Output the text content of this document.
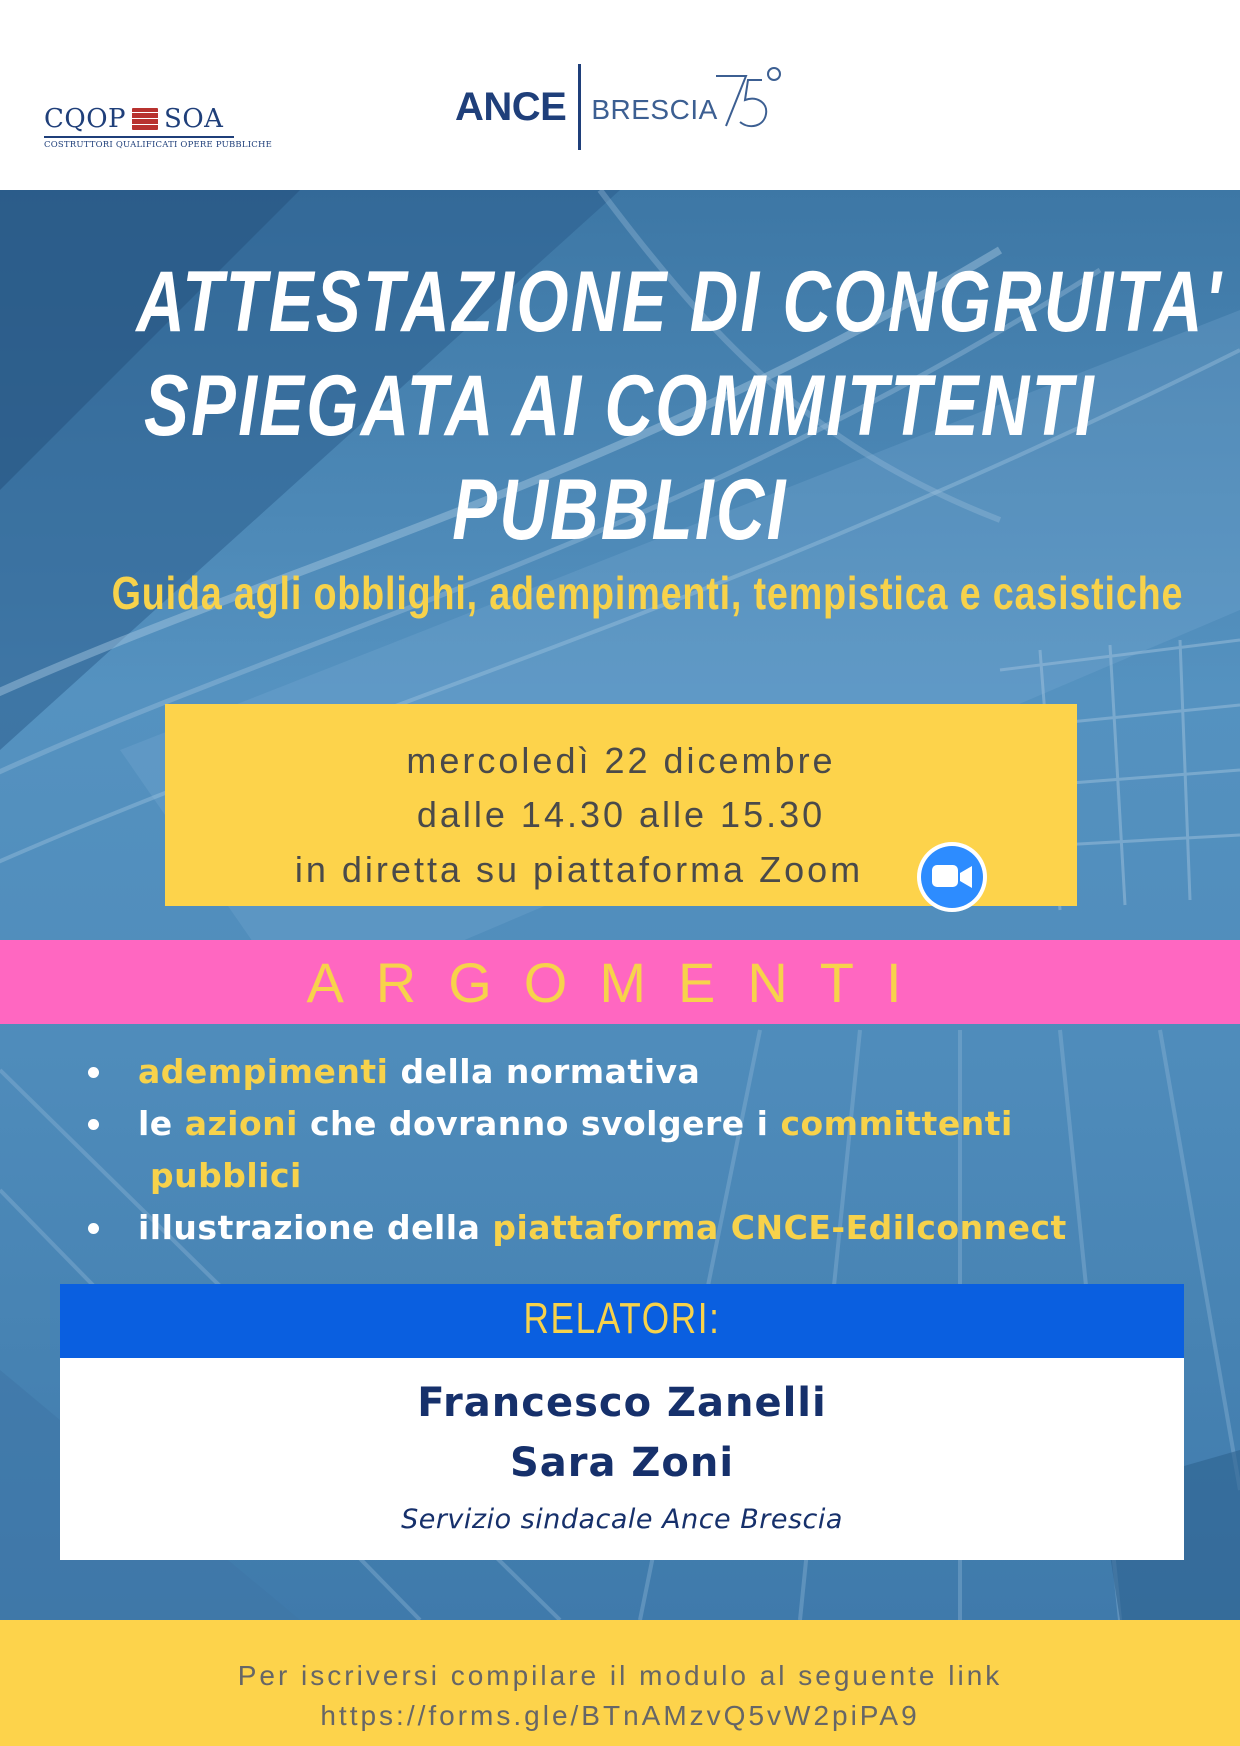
CQOP SOA
COSTRUTTORI QUALIFICATI OPERE PUBBLICHE
ANCE BRESCIA
ATTESTAZIONE DI CONGRUITA'
SPIEGATA AI COMMITTENTI
PUBBLICI
Guida agli obblighi, adempimenti, tempistica e casistiche
mercoledì 22 dicembre
dalle 14.30 alle 15.30
in diretta su piattaforma Zoom
ARGOMENTI
adempimenti della normativa
le azioni che dovranno svolgere i committenti
pubblici
illustrazione della piattaforma CNCE-Edilconnect
RELATORI:
Francesco Zanelli
Sara Zoni
Servizio sindacale Ance Brescia
Per iscriversi compilare il modulo al seguente link
https://forms.gle/BTnAMzvQ5vW2piPA9
